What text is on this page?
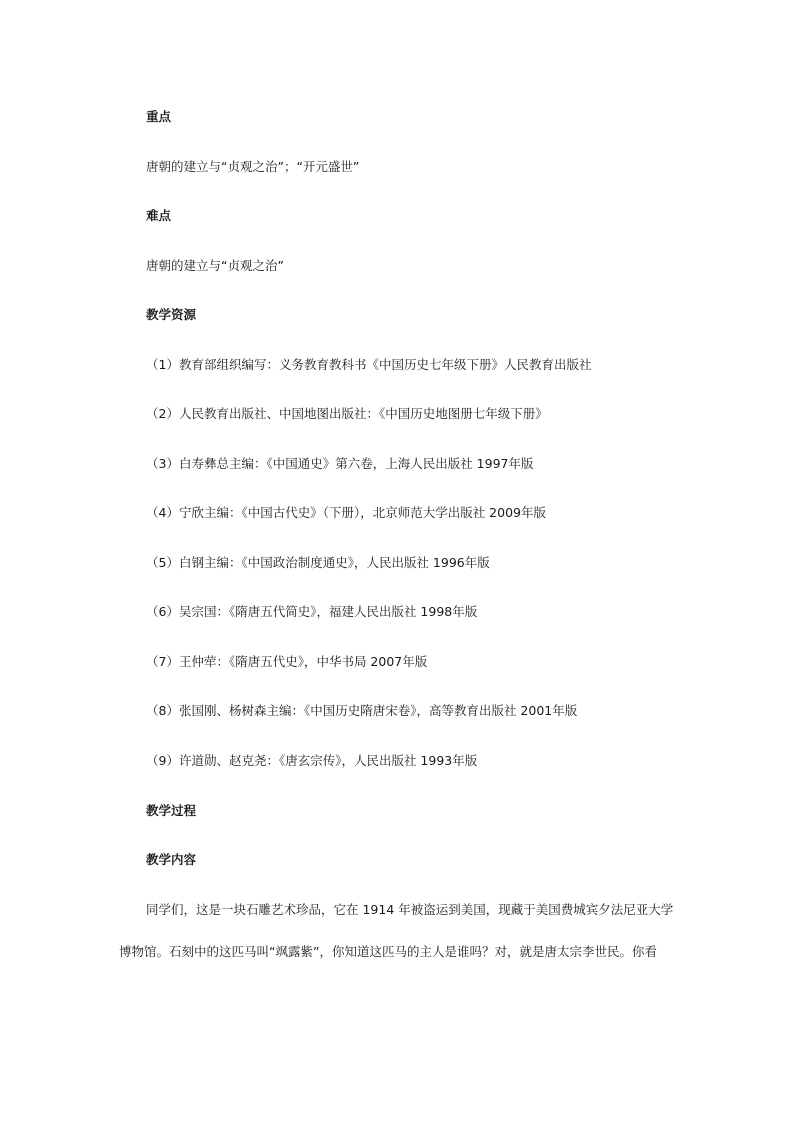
重点
唐朝的建立与“贞观之治”；“开元盛世”
难点
唐朝的建立与“贞观之治”
教学资源
（1）教育部组织编写：义务教育教科书《中国历史七年级下册》人民教育出版社
（2）人民教育出版社、中国地图出版社：《中国历史地图册七年级下册》
（3）白寿彝总主编：《中国通史》第六卷，上海人民出版社 1997年版
（4）宁欣主编：《中国古代史》（下册），北京师范大学出版社 2009年版
（5）白钢主编：《中国政治制度通史》，人民出版社 1996年版
（6）吴宗国：《隋唐五代简史》，福建人民出版社 1998年版
（7）王仲荦：《隋唐五代史》，中华书局 2007年版
（8）张国刚、杨树森主编：《中国历史隋唐宋卷》，高等教育出版社 2001年版
（9）许道勋、赵克尧：《唐玄宗传》，人民出版社 1993年版
教学过程
教学内容
同学们，这是一块石雕艺术珍品，它在 1914 年被盗运到美国，现藏于美国费城宾夕法尼亚大学
博物馆。石刻中的这匹马叫“飒露紫”，你知道这匹马的主人是谁吗？对，就是唐太宗李世民。你看
